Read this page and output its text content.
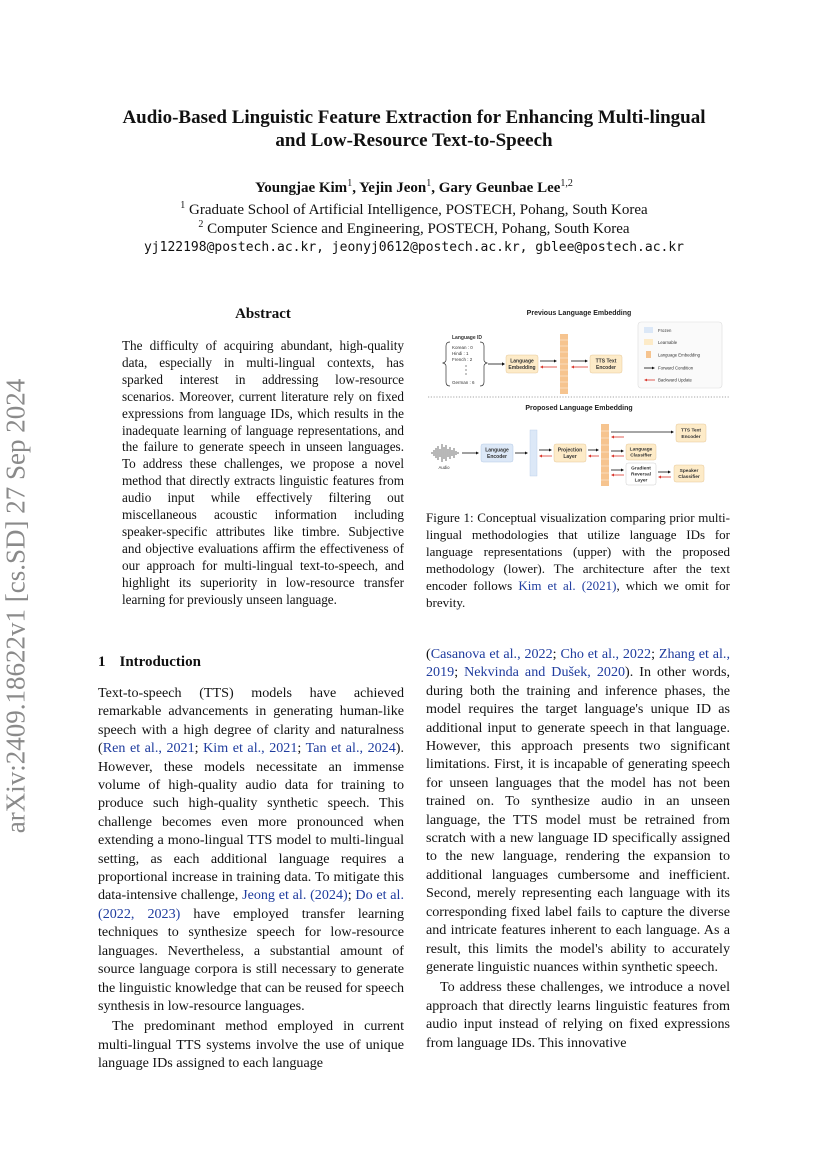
arXiv:2409.18622v1 [cs.SD] 27 Sep 2024
Audio-Based Linguistic Feature Extraction for Enhancing Multi-lingual
and Low-Resource Text-to-Speech
Youngjae Kim$^1$, Yejin Jeon$^1$, Gary Geunbae Lee$^{1,2}$
$^1$ Graduate School of Artificial Intelligence, POSTECH, Pohang, South Korea
$^2$ Computer Science and Engineering, POSTECH, Pohang, South Korea
yj122198@postech.ac.kr, jeonyj0612@postech.ac.kr, gblee@postech.ac.kr
Abstract
The difficulty of acquiring abundant, high-quality data, especially in multi-lingual contexts, has sparked interest in addressing low-resource scenarios. Moreover, current literature rely on fixed expressions from language IDs, which results in the inadequate learning of language representations, and the failure to generate speech in unseen languages. To address these challenges, we propose a novel method that directly extracts linguistic features from audio input while effectively filtering out miscellaneous acoustic information including speaker-specific attributes like timbre. Subjective and objective evaluations affirm the effectiveness of our approach for multi-lingual text-to-speech, and highlight its superiority in low-resource transfer learning for previously unseen language.
1 Introduction

Text-to-speech (TTS) models have achieved remarkable advancements in generating human-like speech with a high degree of clarity and naturalness (Ren et al., 2021; Kim et al., 2021; Tan et al., 2024). However, these models necessitate an immense volume of high-quality audio data for training to produce such high-quality synthetic speech. This challenge becomes even more pronounced when extending a mono-lingual TTS model to multi-lingual setting, as each additional language requires a proportional increase in training data. To mitigate this data-intensive challenge, Jeong et al. (2024); Do et al. (2022, 2023) have employed transfer learning techniques to synthesize speech for low-resource languages. Nevertheless, a substantial amount of source language corpora is still necessary to generate the linguistic knowledge that can be reused for speech synthesis in low-resource languages.

The predominant method employed in current multi-lingual TTS systems involve the use of unique language IDs assigned to each language

(Casanova et al., 2022; Cho et al., 2022; Zhang et al., 2019; Nekvinda and Dušek, 2020). In other words, during both the training and inference phases, the model requires the target language's unique ID as additional input to generate speech in that language. However, this approach presents two significant limitations. First, it is incapable of generating speech for unseen languages that the model has not been trained on. To synthesize audio in an unseen language, the TTS model must be retrained from scratch with a new language ID specifically assigned to the new language, rendering the expansion to additional languages cumbersome and inefficient. Second, merely representing each language with its corresponding fixed label fails to capture the diverse and intricate features inherent to each language. As a result, this limits the model's ability to accurately generate linguistic nuances within synthetic speech.

To address these challenges, we introduce a novel approach that directly learns linguistic features from audio input instead of relying on fixed expressions from language IDs. This innovative

Previous Language Embedding
Language ID
Korean : 0
Hindi : 1
French : 2
German : 6
Language
Embedding
TTS Text
Encoder
Frozen
Learnable
Language Embedding
Forward Condition
Backward Update
Proposed Language Embedding
Audio
Language
Encoder
Projection
Layer
Language
Classifier
Gradient
Reversal
Layer
TTS Text
Encoder
Speaker
Classifier
Figure 1: Conceptual visualization comparing prior multi-lingual methodologies that utilize language IDs for language representations (upper) with the proposed methodology (lower). The architecture after the text encoder follows Kim et al. (2021), which we omit for brevity.
